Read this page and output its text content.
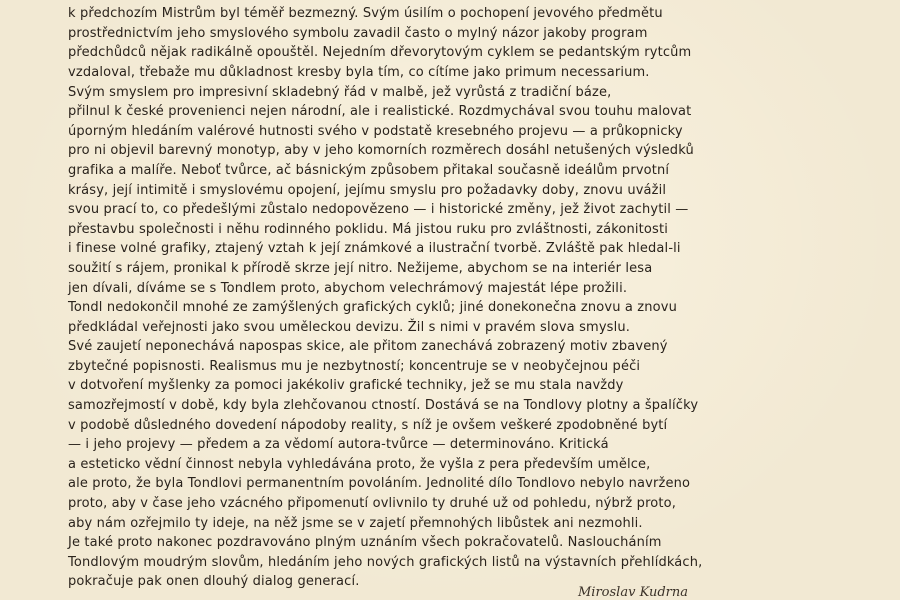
k předchozím Mistrům byl téměř bezmezný. Svým úsilím o pochopení jevového předmětu
prostřednictvím jeho smyslového symbolu zavadil často o mylný názor jakoby program
předchůdců nějak radikálně opouštěl. Nejedním dřevorytovým cyklem se pedantským rytcům
vzdaloval, třebaže mu důkladnost kresby byla tím, co cítíme jako primum necessarium.
Svým smyslem pro impresivní skladebný řád v malbě, jež vyrůstá z tradiční báze,
přilnul k české provenienci nejen národní, ale i realistické. Rozdmychával svou touhu malovat
úporným hledáním valérové hutnosti svého v podstatě kresebného projevu — a průkopnicky
pro ni objevil barevný monotyp, aby v jeho komorních rozměrech dosáhl netušených výsledků
grafika a malíře. Neboť tvůrce, ač básnickým způsobem přitakal současně ideálům prvotní
krásy, její intimitě i smyslovému opojení, jejímu smyslu pro požadavky doby, znovu uvážil
svou prací to, co předešlými zůstalo nedopovězeno — i historické změny, jež život zachytil —
přestavbu společnosti i něhu rodinného poklidu. Má jistou ruku pro zvláštnosti, zákonitosti
i finese volné grafiky, ztajený vztah k její známkové a ilustrační tvorbě. Zvláště pak hledal-li
soužití s rájem, pronikal k přírodě skrze její nitro. Nežijeme, abychom se na interiér lesa
jen dívali, díváme se s Tondlem proto, abychom velechrámový majestát lépe prožili.
Tondl nedokončil mnohé ze zamýšlených grafických cyklů; jiné donekonečna znovu a znovu
předkládal veřejnosti jako svou uměleckou devizu. Žil s nimi v pravém slova smyslu.
Své zaujetí neponechává napospas skice, ale přitom zanechává zobrazený motiv zbavený
zbytečné popisnosti. Realismus mu je nezbytností; koncentruje se v neobyčejnou péči
v dotvoření myšlenky za pomoci jakékoliv grafické techniky, jež se mu stala navždy
samozřejmostí v době, kdy byla zlehčovanou ctností. Dostává se na Tondlovy plotny a špalíčky
v podobě důsledného dovedení nápodoby reality, s níž je ovšem veškeré zpodobněné bytí
— i jeho projevy — předem a za vědomí autora-tvůrce — determinováno. Kritická
a esteticko vědní činnost nebyla vyhledávána proto, že vyšla z pera především umělce,
ale proto, že byla Tondlovi permanentním povoláním. Jednolité dílo Tondlovo nebylo navrženo
proto, aby v čase jeho vzácného připomenutí ovlivnilo ty druhé už od pohledu, nýbrž proto,
aby nám ozřejmilo ty ideje, na něž jsme se v zajetí přemnohých libůstek ani nezmohli.
Je také proto nakonec pozdravováno plným uznáním všech pokračovatelů. Nasloucháním
Tondlovým moudrým slovům, hledáním jeho nových grafických listů na výstavních přehlídkách,
pokračuje pak onen dlouhý dialog generací.
Miroslav Kudrna
